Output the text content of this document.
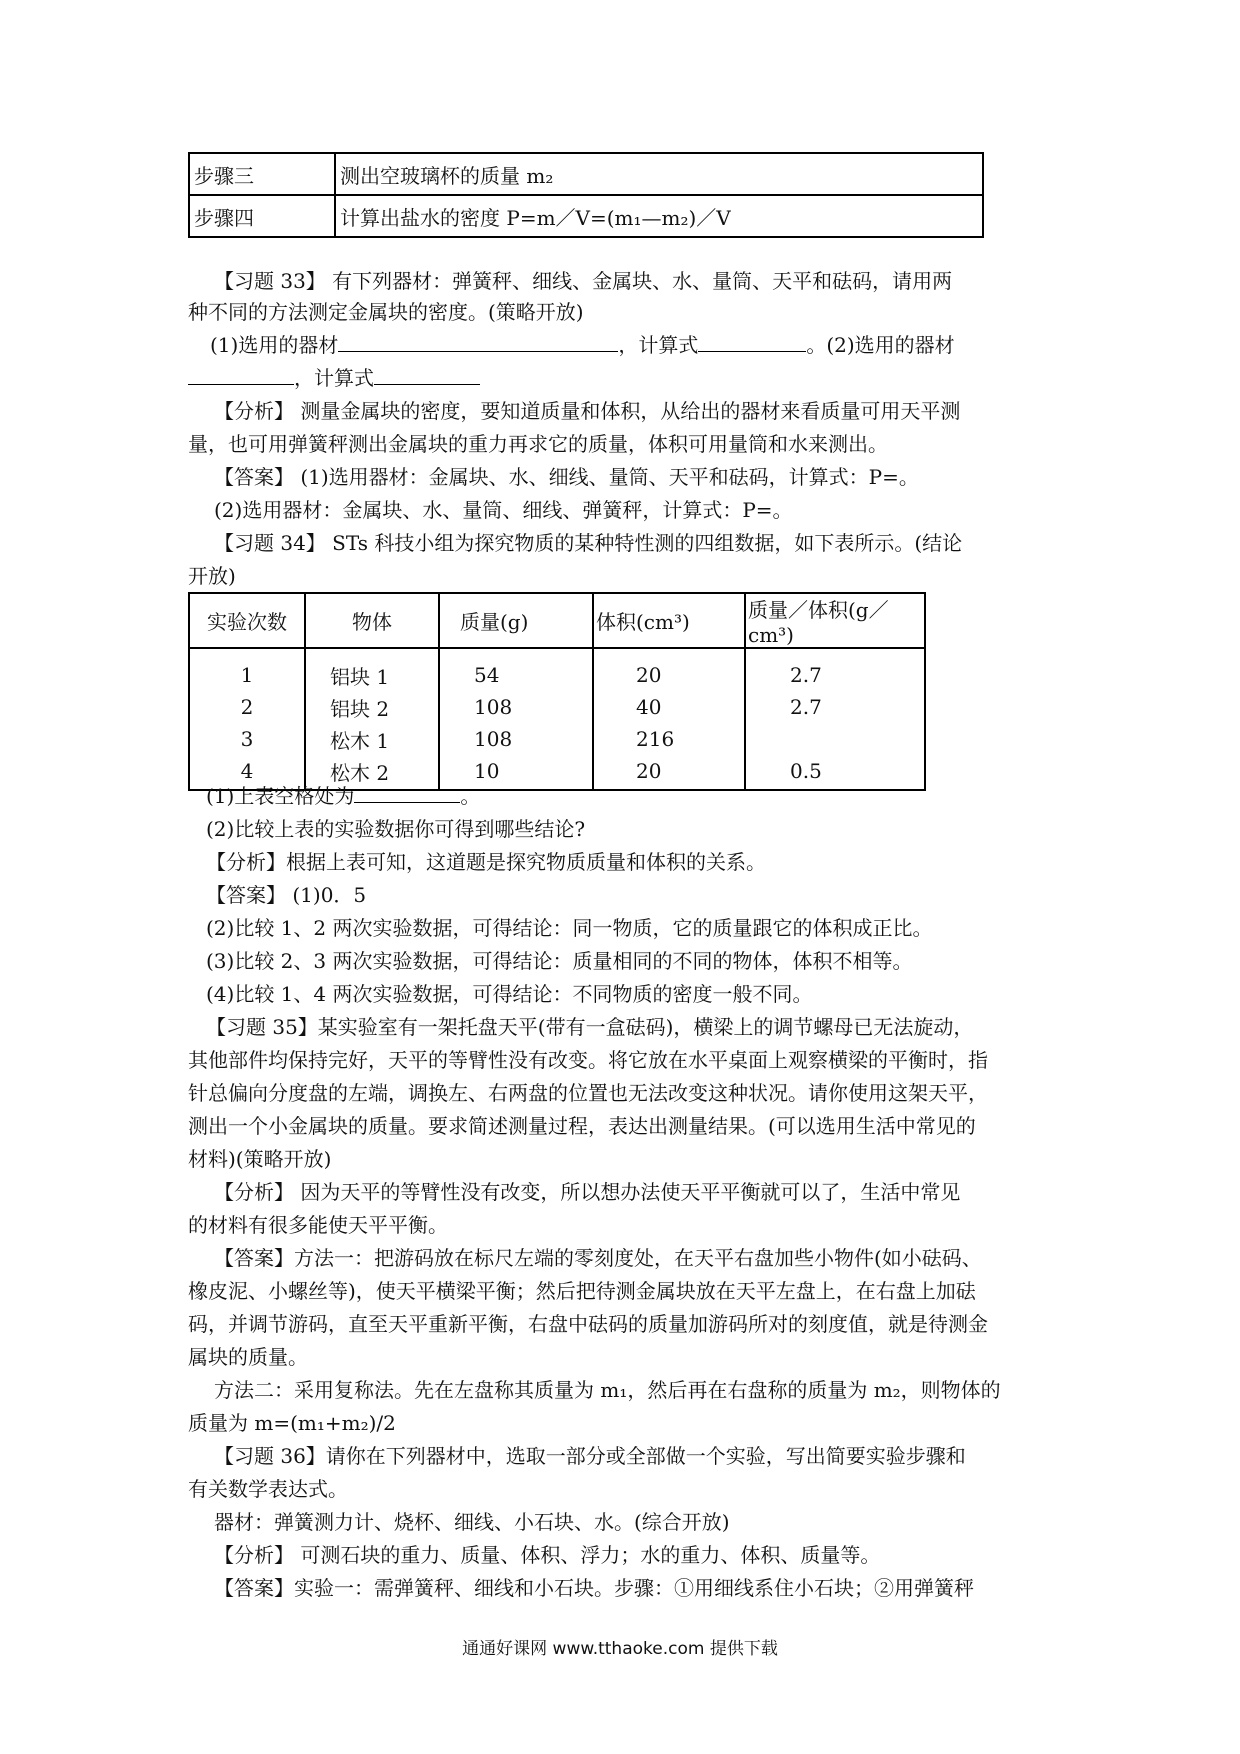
步骤三	测出空玻璃杯的质量 m₂
步骤四	计算出盐水的密度 P=m／V=(m₁—m₂)／V
【习题 33】 有下列器材：弹簧秤、细线、金属块、水、量筒、天平和砝码，请用两
种不同的方法测定金属块的密度。(策略开放)
(1)选用的器材	，计算式	。(2)选用的器材
，计算式
【分析】 测量金属块的密度，要知道质量和体积，从给出的器材来看质量可用天平测
量，也可用弹簧秤测出金属块的重力再求它的质量，体积可用量筒和水来测出。
【答案】 (1)选用器材：金属块、水、细线、量筒、天平和砝码，计算式：P=。
(2)选用器材：金属块、水、量筒、细线、弹簧秤，计算式：P=。
【习题 34】 STs 科技小组为探究物质的某种特性测的四组数据，如下表所示。(结论
开放)
实验次数	物体	质量(g)	体积(cm³)	质量／体积(g／cm³)
1	铝块 1	54	20	2.7
2	铝块 2	108	40	2.7
3	松木 1	108	216	
4	松木 2	10	20	0.5
(1)上表空格处为	。
(2)比较上表的实验数据你可得到哪些结论?
【分析】根据上表可知，这道题是探究物质质量和体积的关系。
【答案】 (1)0．5
(2)比较 1、2 两次实验数据，可得结论：同一物质，它的质量跟它的体积成正比。
(3)比较 2、3 两次实验数据，可得结论：质量相同的不同的物体，体积不相等。
(4)比较 1、4 两次实验数据，可得结论：不同物质的密度一般不同。
【习题 35】某实验室有一架托盘天平(带有一盒砝码)，横梁上的调节螺母已无法旋动，
其他部件均保持完好，天平的等臂性没有改变。将它放在水平桌面上观察横梁的平衡时，指
针总偏向分度盘的左端，调换左、右两盘的位置也无法改变这种状况。请你使用这架天平，
测出一个小金属块的质量。要求简述测量过程，表达出测量结果。(可以选用生活中常见的
材料)(策略开放)
【分析】 因为天平的等臂性没有改变，所以想办法使天平平衡就可以了，生活中常见
的材料有很多能使天平平衡。
【答案】方法一：把游码放在标尺左端的零刻度处，在天平右盘加些小物件(如小砝码、
橡皮泥、小螺丝等)，使天平横梁平衡；然后把待测金属块放在天平左盘上，在右盘上加砝
码，并调节游码，直至天平重新平衡，右盘中砝码的质量加游码所对的刻度值，就是待测金
属块的质量。
方法二：采用复称法。先在左盘称其质量为 m₁，然后再在右盘称的质量为 m₂，则物体的
质量为 m=(m₁+m₂)/2
【习题 36】请你在下列器材中，选取一部分或全部做一个实验，写出简要实验步骤和
有关数学表达式。
器材：弹簧测力计、烧杯、细线、小石块、水。(综合开放)
【分析】 可测石块的重力、质量、体积、浮力；水的重力、体积、质量等。
【答案】实验一：需弹簧秤、细线和小石块。步骤：①用细线系住小石块；②用弹簧秤
通通好课网 www.tthaoke.com 提供下载
